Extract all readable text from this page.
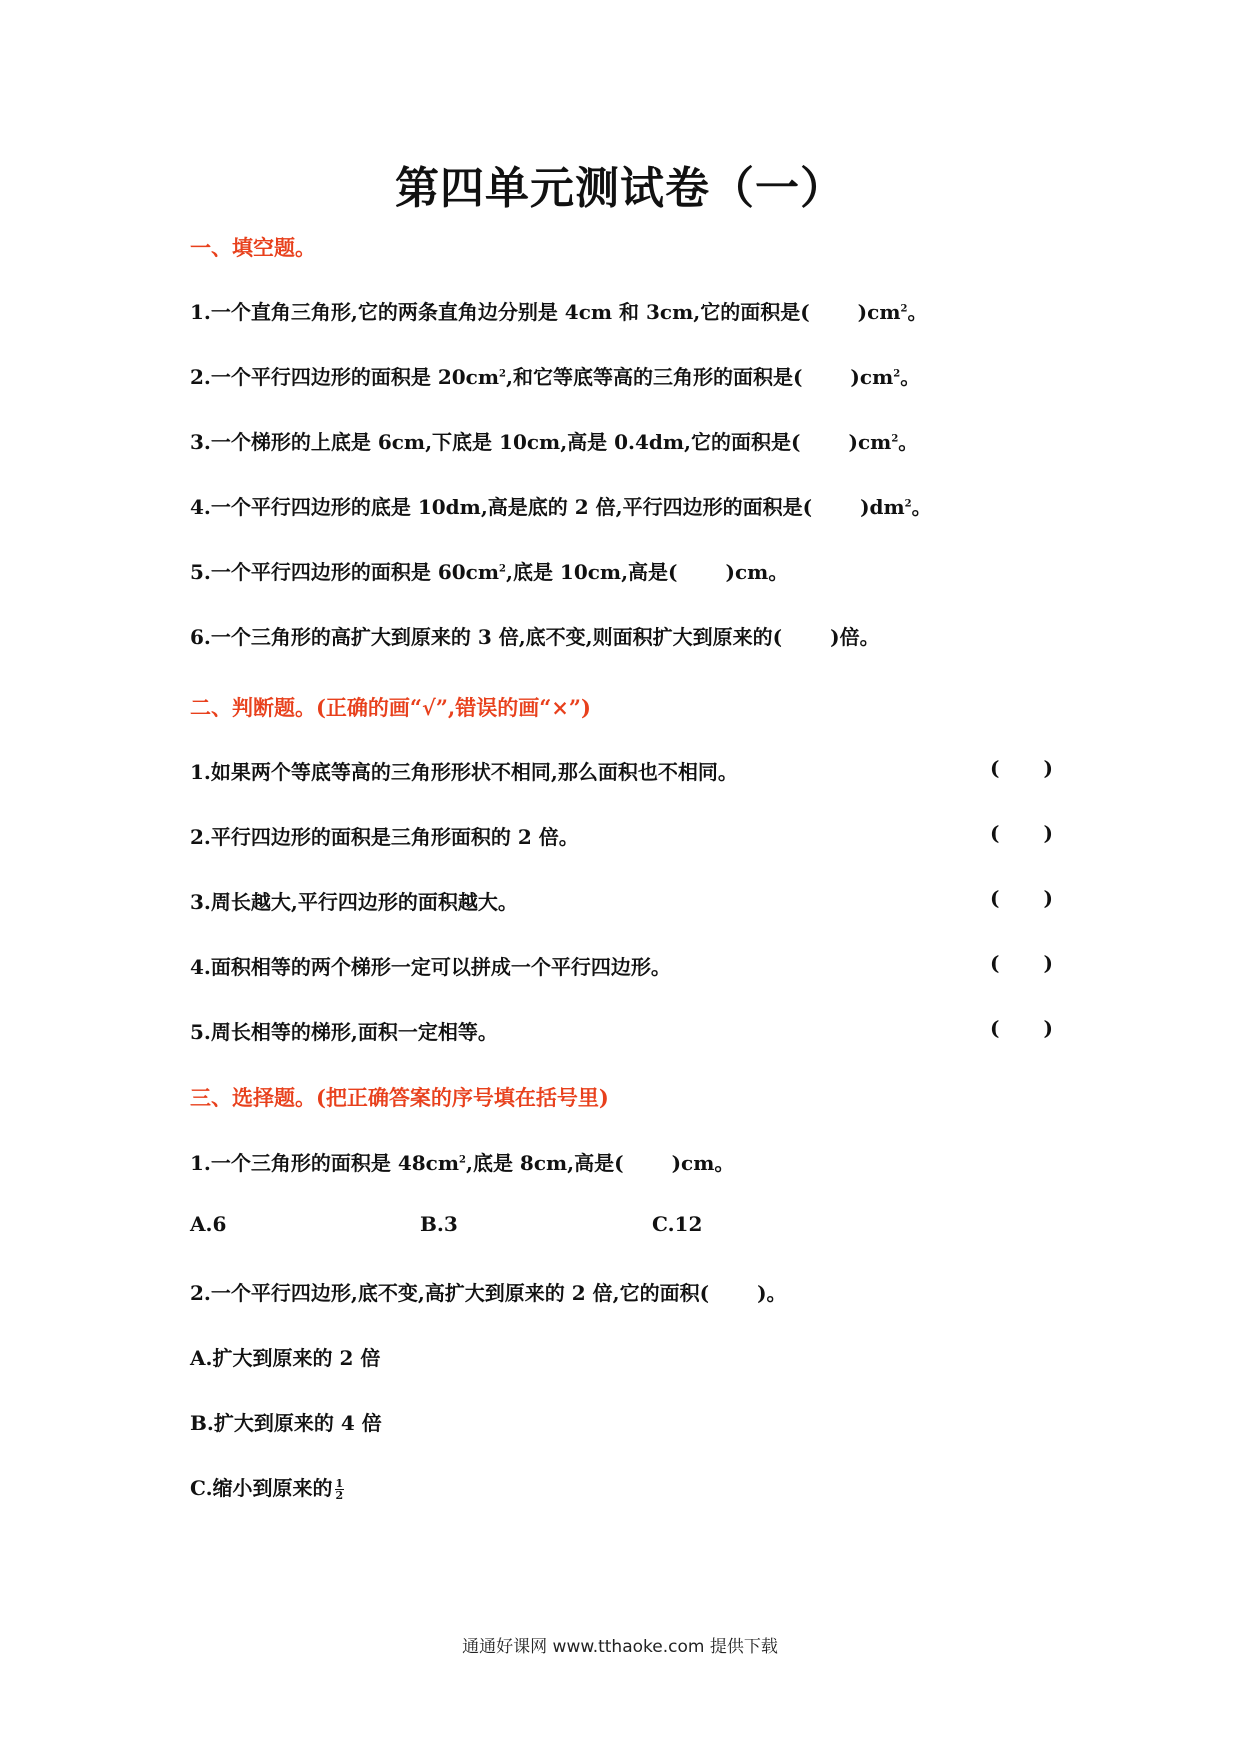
第四单元测试卷（一）
一、填空题。
1.一个直角三角形,它的两条直角边分别是 4cm 和 3cm,它的面积是( )$cm^2$。
2.一个平行四边形的面积是 $20cm^2$,和它等底等高的三角形的面积是( )$cm^2$。
3.一个梯形的上底是 6cm,下底是 10cm,高是 0.4dm,它的面积是( )$cm^2$。
4.一个平行四边形的底是 10dm,高是底的 2 倍,平行四边形的面积是( )$dm^2$。
5.一个平行四边形的面积是 $60cm^2$,底是 10cm,高是( )cm。
6.一个三角形的高扩大到原来的 3 倍,底不变,则面积扩大到原来的( )倍。
二、判断题。(正确的画“√”,错误的画“×”)
1.如果两个等底等高的三角形形状不相同,那么面积也不相同。	( )
2.平行四边形的面积是三角形面积的 2 倍。	( )
3.周长越大,平行四边形的面积越大。	( )
4.面积相等的两个梯形一定可以拼成一个平行四边形。	( )
5.周长相等的梯形,面积一定相等。	( )
三、选择题。(把正确答案的序号填在括号里)
1.一个三角形的面积是 $48cm^2$,底是 8cm,高是( )cm。
A.6	B.3	C.12
2.一个平行四边形,底不变,高扩大到原来的 2 倍,它的面积( )。
A.扩大到原来的 2 倍
B.扩大到原来的 4 倍
C.缩小到原来的 $\frac{1}{2}$
通通好课网 www.tthaoke.com 提供下载
